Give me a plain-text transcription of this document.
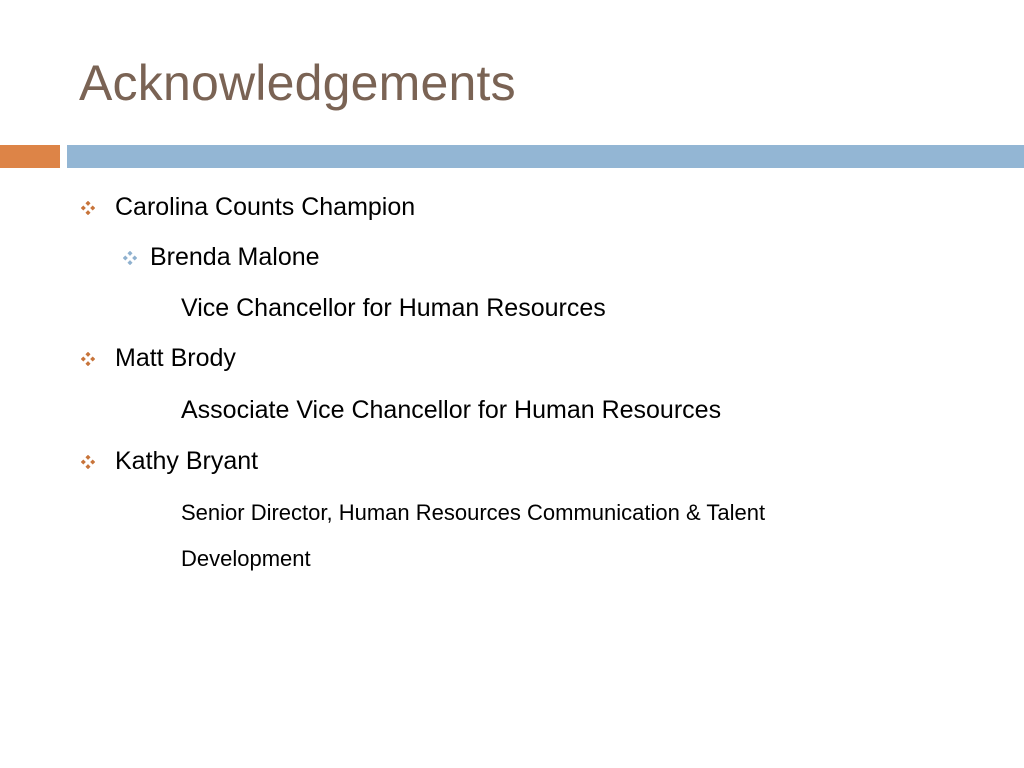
Acknowledgements
Carolina Counts Champion
Brenda Malone
Vice Chancellor for Human Resources
Matt Brody
Associate Vice Chancellor for Human Resources
Kathy Bryant
Senior Director, Human Resources Communication & Talent
Development
